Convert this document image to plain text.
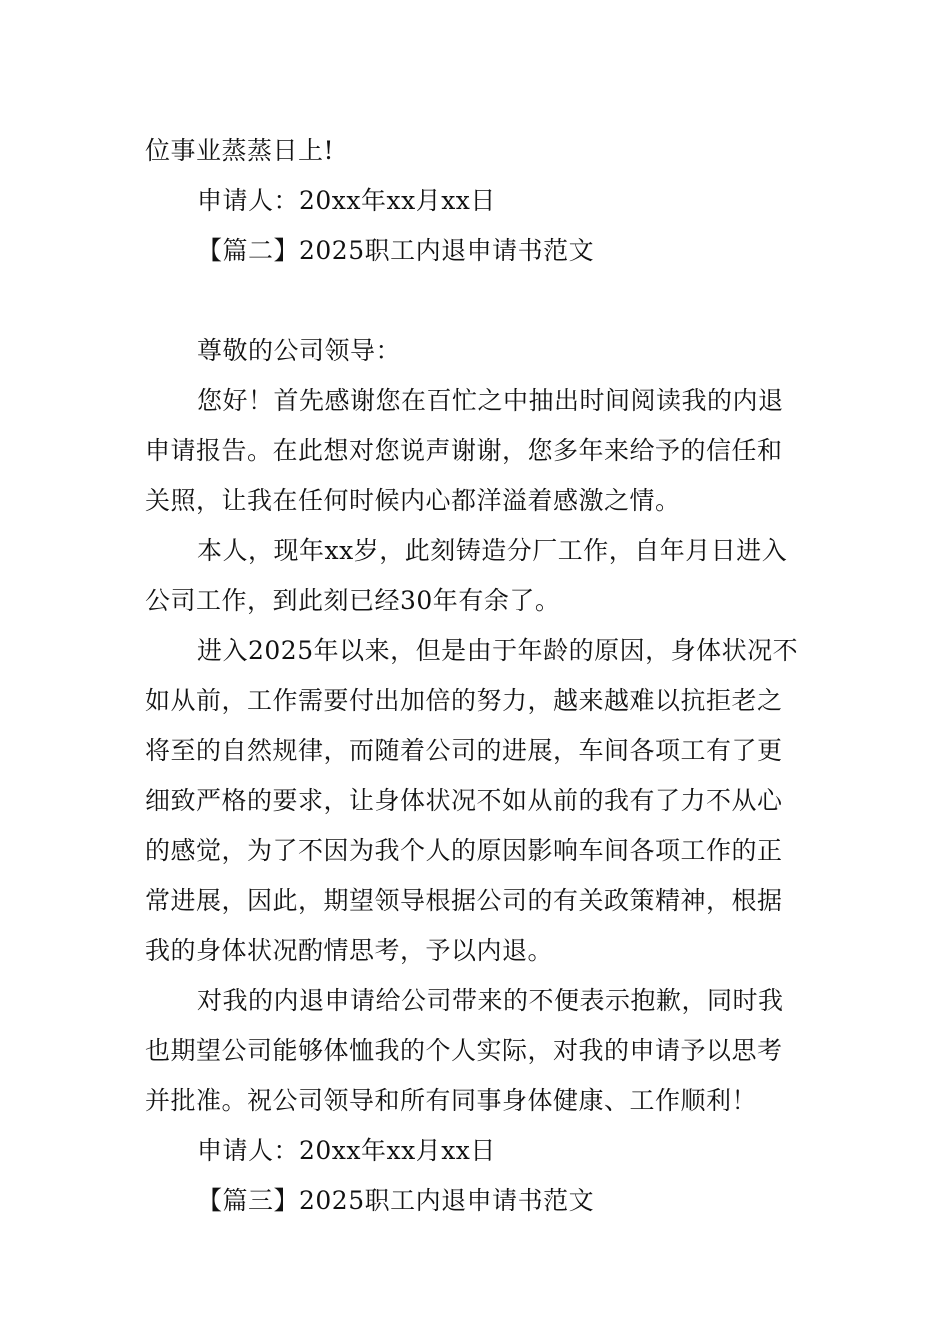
位事业蒸蒸日上!
申请人：20xx年xx月xx日
【篇二】2025职工内退申请书范文
尊敬的公司领导：
您好！首先感谢您在百忙之中抽出时间阅读我的内退
申请报告。在此想对您说声谢谢，您多年来给予的信任和
关照，让我在任何时候内心都洋溢着感激之情。
本人，现年xx岁，此刻铸造分厂工作，自年月日进入
公司工作，到此刻已经30年有余了。
进入2025年以来，但是由于年龄的原因，身体状况不
如从前，工作需要付出加倍的努力，越来越难以抗拒老之
将至的自然规律，而随着公司的进展，车间各项工有了更
细致严格的要求，让身体状况不如从前的我有了力不从心
的感觉，为了不因为我个人的原因影响车间各项工作的正
常进展，因此，期望领导根据公司的有关政策精神，根据
我的身体状况酌情思考，予以内退。
对我的内退申请给公司带来的不便表示抱歉，同时我
也期望公司能够体恤我的个人实际，对我的申请予以思考
并批准。祝公司领导和所有同事身体健康、工作顺利！
申请人：20xx年xx月xx日
【篇三】2025职工内退申请书范文
